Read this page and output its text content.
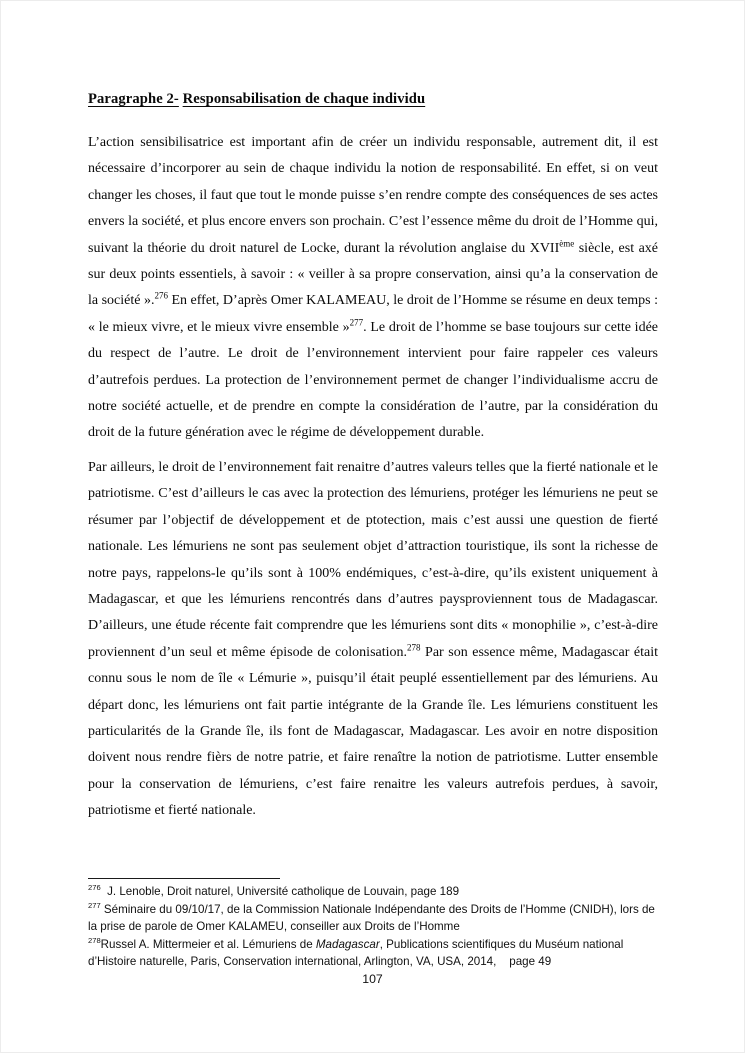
Paragraphe 2- Responsabilisation de chaque individu

L’action sensibilisatrice est important afin de créer un individu responsable, autrement dit, il est nécessaire d’incorporer au sein de chaque individu la notion de responsabilité. En effet, si on veut changer les choses, il faut que tout le monde puisse s’en rendre compte des conséquences de ses actes envers la société, et plus encore envers son prochain. C’est l’essence même du droit de l’Homme qui, suivant la théorie du droit naturel de Locke, durant la révolution anglaise du XVIIème siècle, est axé sur deux points essentiels, à savoir : « veiller à sa propre conservation, ainsi qu’a la conservation de la société ».$^{276}$ En effet, D’après Omer KALAMEAU, le droit de l’Homme se résume en deux temps : « le mieux vivre, et le mieux vivre ensemble »$^{277}$. Le droit de l’homme se base toujours sur cette idée du respect de l’autre. Le droit de l’environnement intervient pour faire rappeler ces valeurs d’autrefois perdues. La protection de l’environnement permet de changer l’individualisme accru de notre société actuelle, et de prendre en compte la considération de l’autre, par la considération du droit de la future génération avec le régime de développement durable.

Par ailleurs, le droit de l’environnement fait renaitre d’autres valeurs telles que la fierté nationale et le patriotisme. C’est d’ailleurs le cas avec la protection des lémuriens, protéger les lémuriens ne peut se résumer par l’objectif de développement et de ptotection, mais c’est aussi une question de fierté nationale. Les lémuriens ne sont pas seulement objet d’attraction touristique, ils sont la richesse de notre pays, rappelons-le qu’ils sont à 100% endémiques, c’est-à-dire, qu’ils existent uniquement à Madagascar, et que les lémuriens rencontrés dans d’autres paysproviennent tous de Madagascar. D’ailleurs, une étude récente fait comprendre que les lémuriens sont dits « monophilie », c’est-à-dire proviennent d’un seul et même épisode de colonisation.$^{278}$ Par son essence même, Madagascar était connu sous le nom de île « Lémurie », puisqu’il était peuplé essentiellement par des lémuriens. Au départ donc, les lémuriens ont fait partie intégrante de la Grande île. Les lémuriens constituent les particularités de la Grande île, ils font de Madagascar, Madagascar. Les avoir en notre disposition doivent nous rendre fièrs de notre patrie, et faire renaître la notion de patriotisme. Lutter ensemble pour la conservation de lémuriens, c’est faire renaitre les valeurs autrefois perdues, à savoir, patriotisme et fierté nationale.

$^{276}$  J. Lenoble, Droit naturel, Université catholique de Louvain, page 189
$^{277}$ Séminaire du 09/10/17, de la Commission Nationale Indépendante des Droits de l’Homme (CNIDH), lors de la prise de parole de Omer KALAMEU, conseiller aux Droits de l’Homme
$^{278}$Russel A. Mittermeier et al. Lémuriens de Madagascar, Publications scientifiques du Muséum national d’Histoire naturelle, Paris, Conservation international, Arlington, VA, USA, 2014,    page 49
107
